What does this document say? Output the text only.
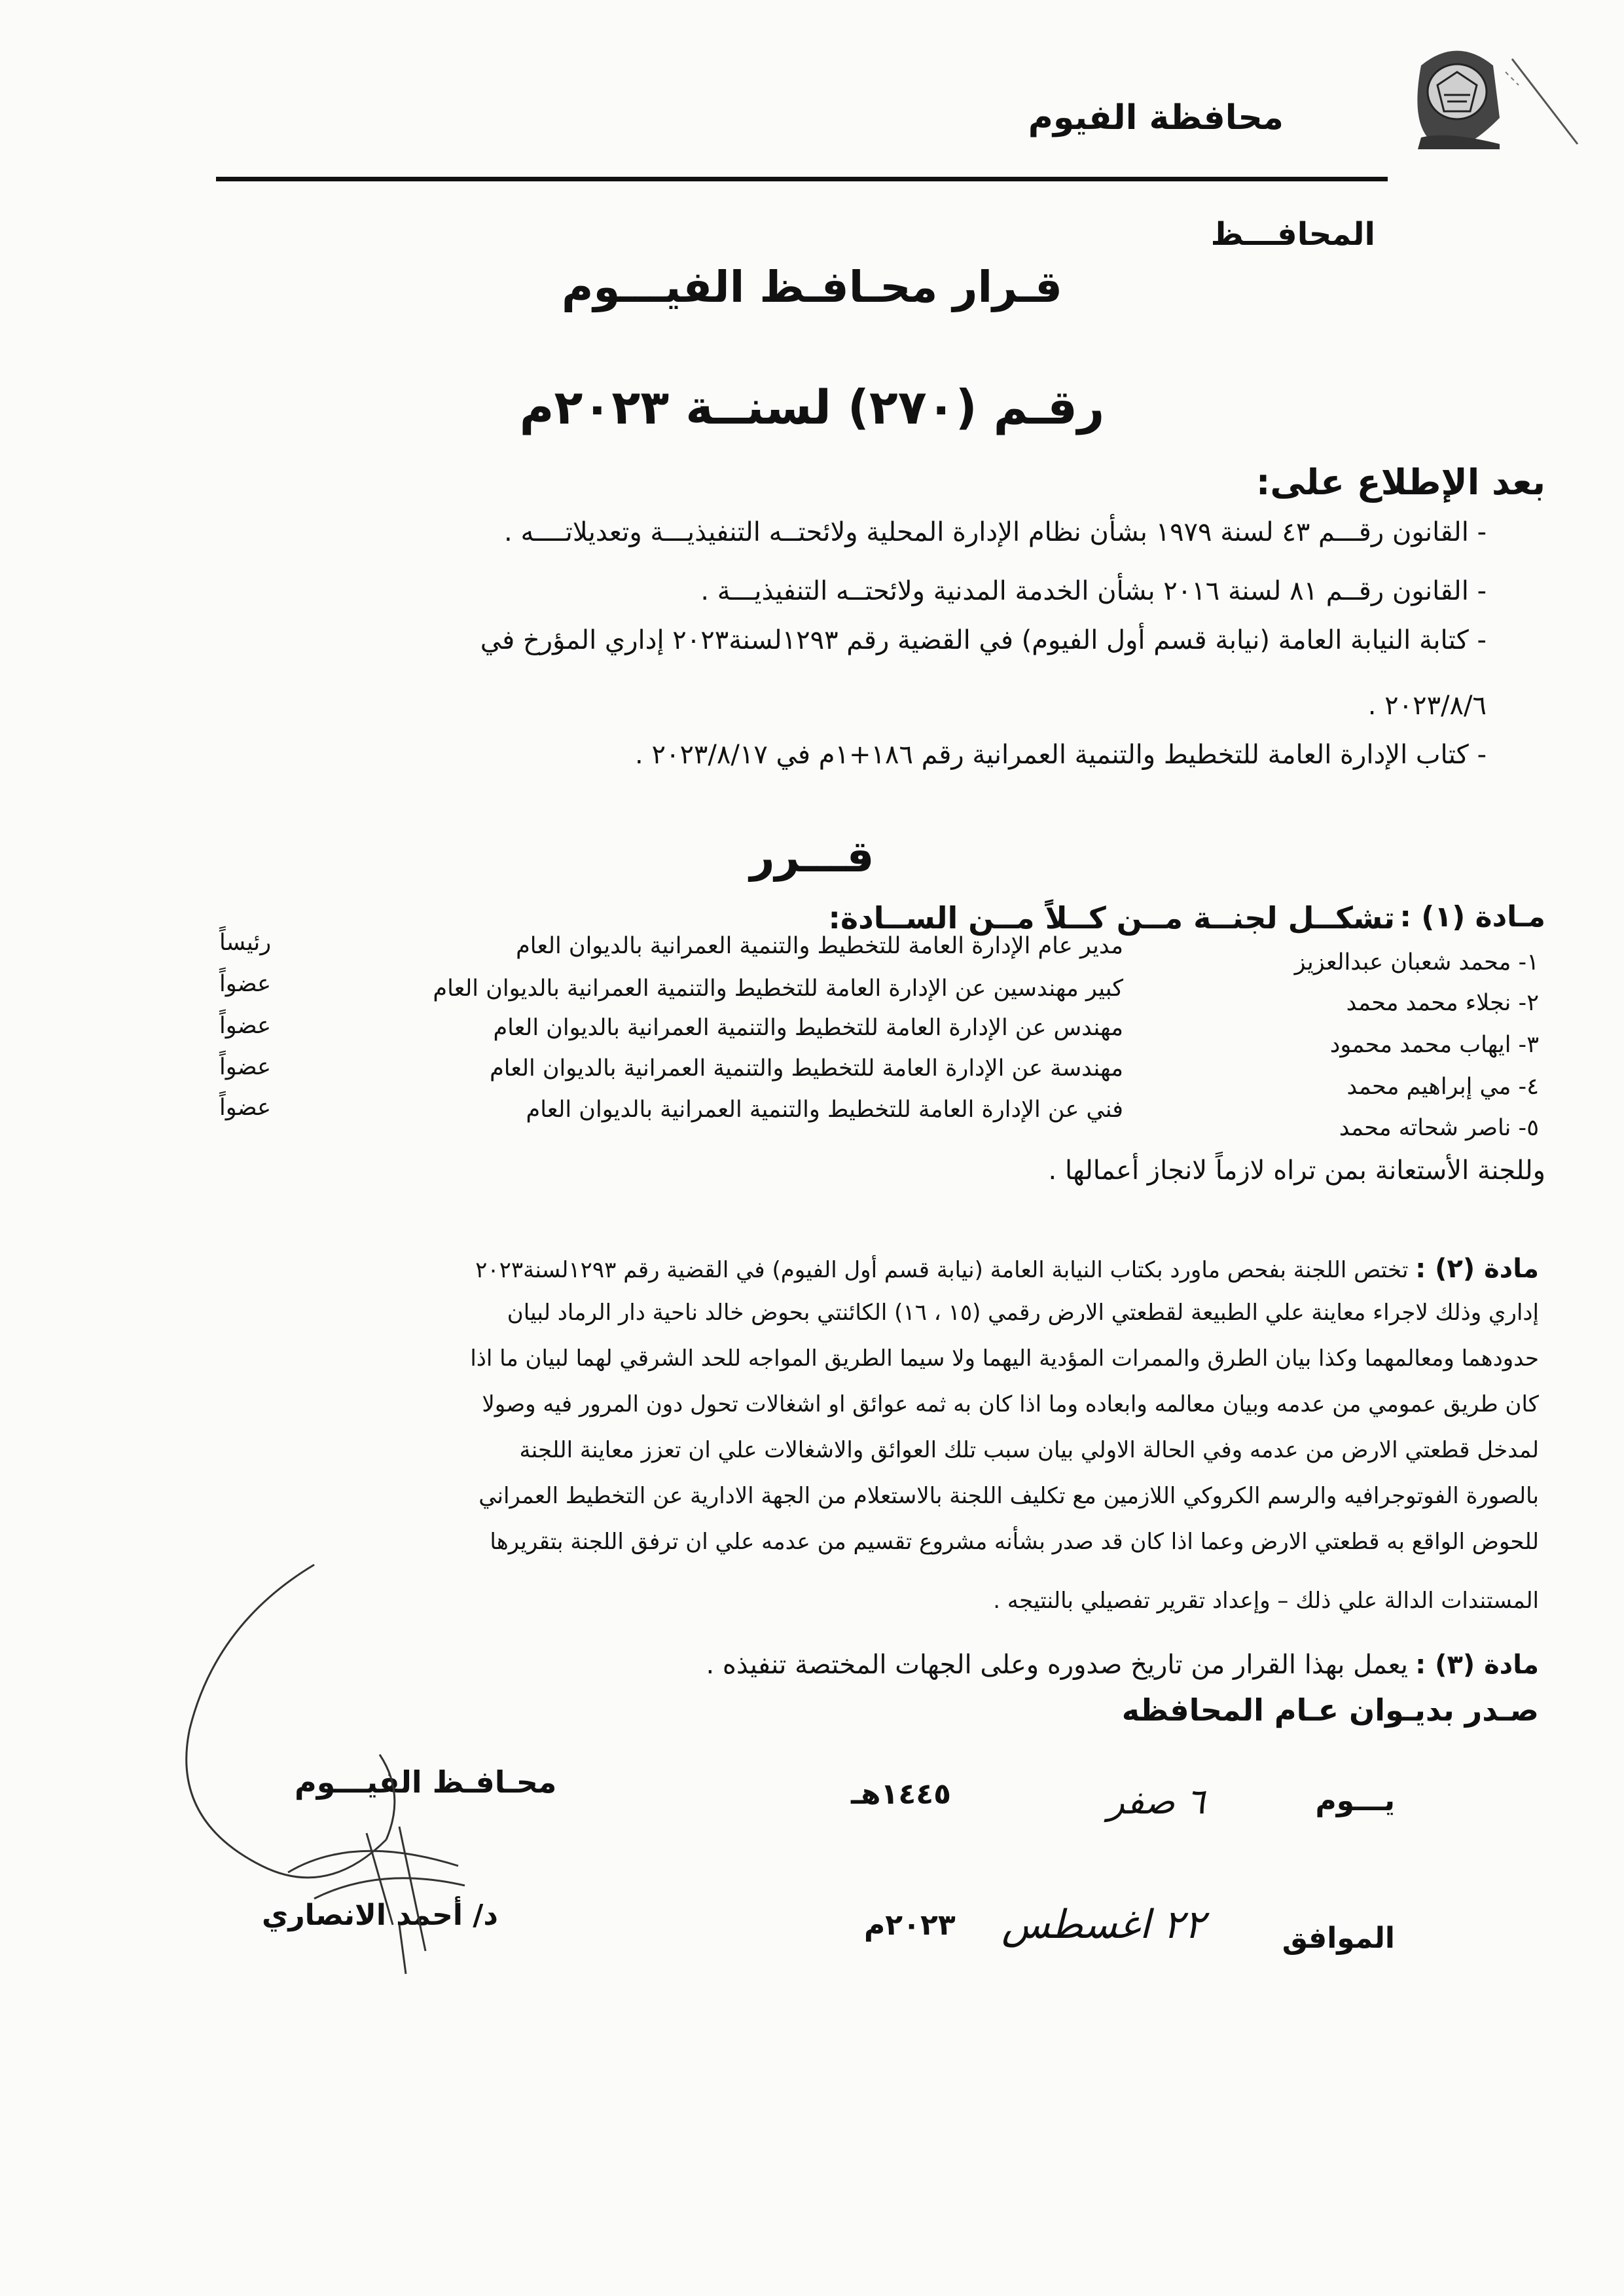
محافظة الفيوم
المحافـــظ
قـرار محـافـظ الفيـــوم
رقـم (٢٧٠) لسنــة ٢٠٢٣م
بعد الإطلاع على:
- القانون رقـــم ٤٣ لسنة ١٩٧٩ بشأن نظام الإدارة المحلية ولائحتــه التنفيذيـــة وتعديلاتــــه .
- القانون رقــم ٨١ لسنة ٢٠١٦ بشأن الخدمة المدنية ولائحتــه التنفيذيـــة .
- كتابة النيابة العامة (نيابة قسم أول الفيوم) في القضية رقم ١٢٩٣لسنة٢٠٢٣ إداري المؤرخ في
٢٠٢٣/٨/٦ .
- كتاب الإدارة العامة للتخطيط والتنمية العمرانية رقم ١٨٦+١م في ٢٠٢٣/٨/١٧ .
قـــرر
مـادة (١) :
تشكــل لجنــة مــن كــلاً مــن الســادة:
١- محمد شعبان عبدالعزيز
مدير عام الإدارة العامة للتخطيط والتنمية العمرانية بالديوان العام
رئيساً
٢- نجلاء محمد محمد
كبير مهندسين عن الإدارة العامة للتخطيط والتنمية العمرانية بالديوان العام
عضواً
٣- ايهاب محمد محمود
مهندس عن الإدارة العامة للتخطيط والتنمية العمرانية بالديوان العام
عضواً
٤- مي إبراهيم محمد
مهندسة عن الإدارة العامة للتخطيط والتنمية العمرانية بالديوان العام
عضواً
٥- ناصر شحاته محمد
فني عن الإدارة العامة للتخطيط والتنمية العمرانية بالديوان العام
عضواً
وللجنة الأستعانة بمن تراه لازماً لانجاز أعمالها .
مادة (٢) : تختص اللجنة بفحص ماورد بكتاب النيابة العامة (نيابة قسم أول الفيوم) في القضية رقم ١٢٩٣لسنة٢٠٢٣
إداري وذلك لاجراء معاينة علي الطبيعة لقطعتي الارض رقمي (١٥ ، ١٦) الكائنتي بحوض خالد ناحية دار الرماد لبيان
حدودهما ومعالمهما وكذا بيان الطرق والممرات المؤدية اليهما ولا سيما الطريق المواجه للحد الشرقي لهما لبيان ما اذا
كان طريق عمومي من عدمه وبيان معالمه وابعاده وما اذا كان به ثمه عوائق او اشغالات تحول دون المرور فيه وصولا
لمدخل قطعتي الارض من عدمه وفي الحالة الاولي بيان سبب تلك العوائق والاشغالات علي ان تعزز معاينة اللجنة
بالصورة الفوتوجرافيه والرسم الكروكي اللازمين مع تكليف اللجنة بالاستعلام من الجهة الادارية عن التخطيط العمراني
للحوض الواقع به قطعتي الارض وعما اذا كان قد صدر بشأنه مشروع تقسيم من عدمه علي ان ترفق اللجنة بتقريرها
المستندات الدالة علي ذلك – وإعداد تقرير تفصيلي بالنتيجه .
مادة (٣) :
يعمل بهذا القرار من تاريخ صدوره وعلى الجهات المختصة تنفيذه .
صـدر بديـوان عـام المحافظه
يـــوم
٦ صفر
١٤٤٥هـ
الموافق
٢٢ اغسطس
٢٠٢٣م
محـافـظ الفيـــوم
د/ أحمد الانصاري
